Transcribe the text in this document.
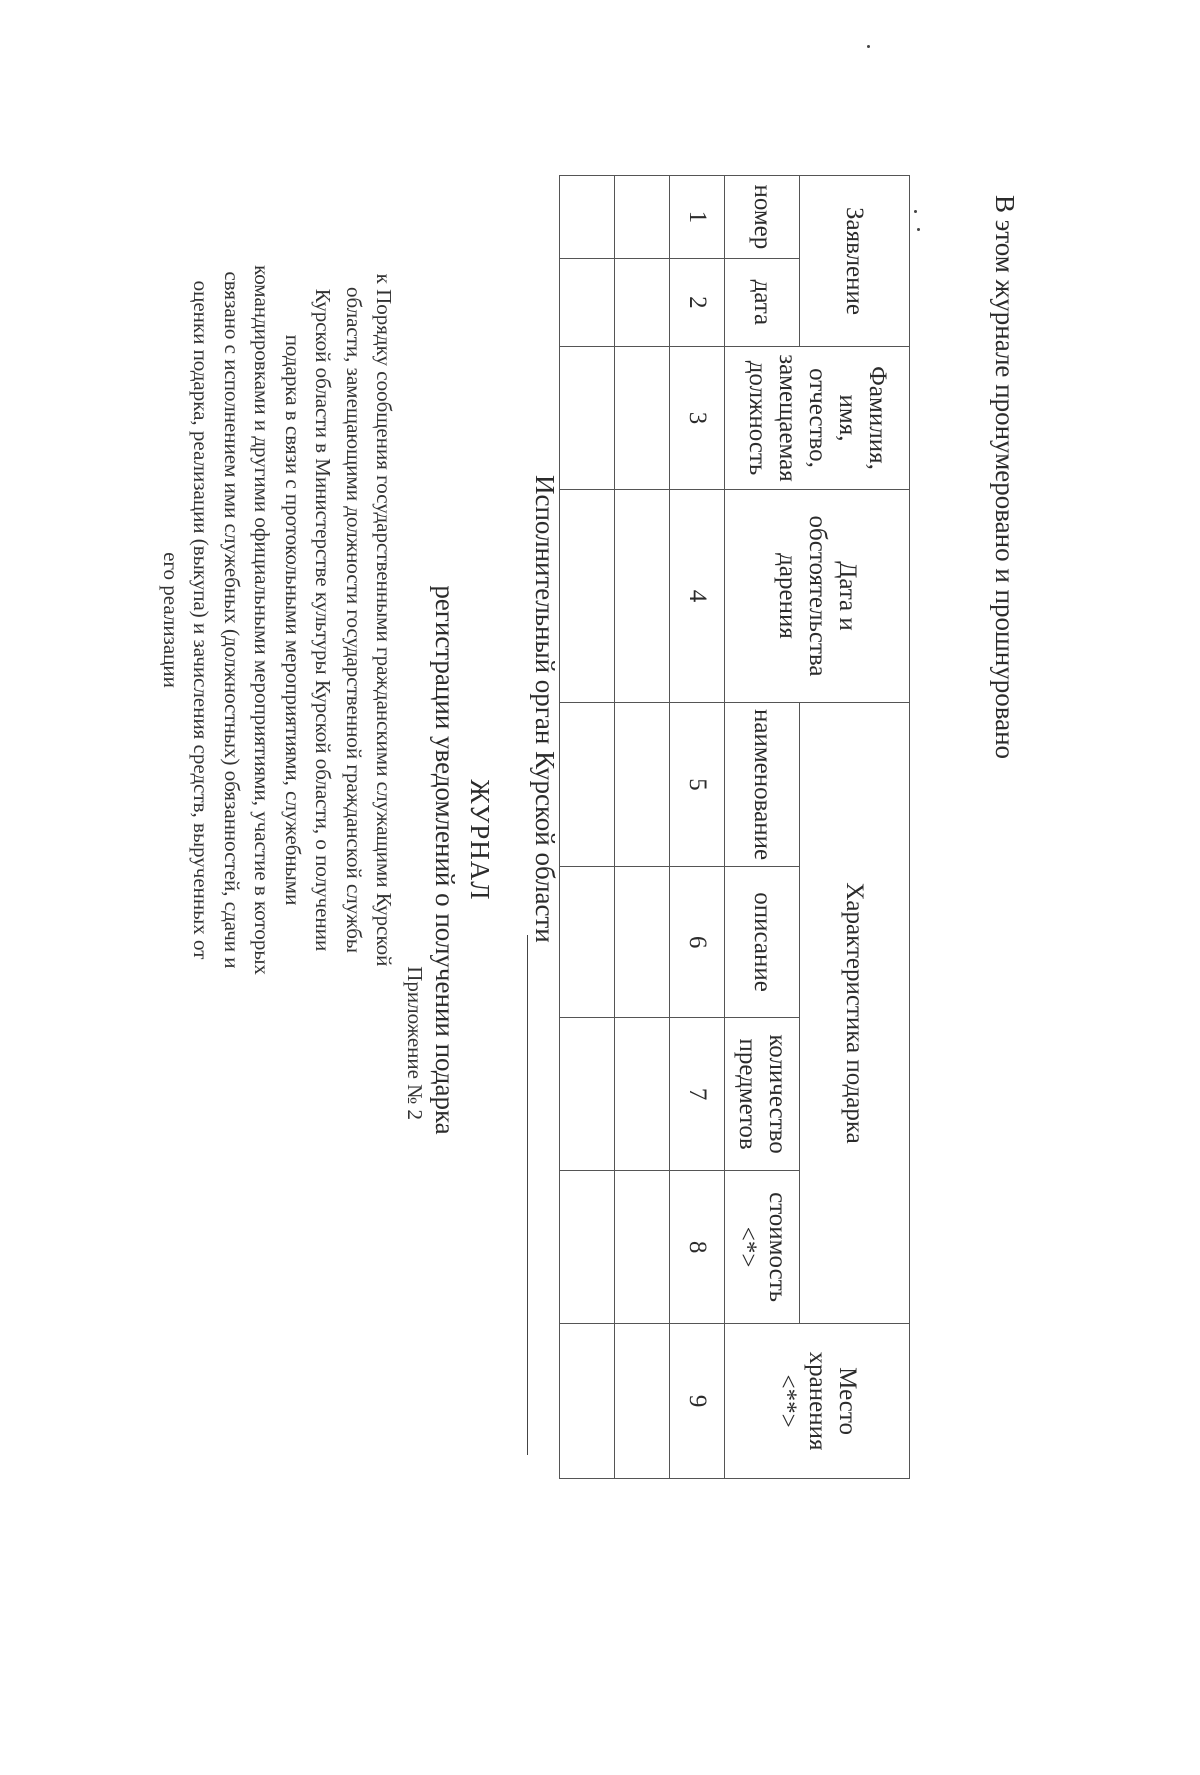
Приложение № 2
к Порядку сообщения государственными гражданскими служащими Курской
области, замещающими должности государственной гражданской службы
Курской области в Министерстве культуры Курской области, о получении
подарка в связи с протокольными мероприятиями, служебными
командировками и другими официальными мероприятиями, участие в которых
связано с исполнением ими служебных (должностных) обязанностей, сдачи и
оценки подарка, реализации (выкупа) и зачисления средств, вырученных от
его реализации
ЖУРНАЛ
регистрации уведомлений о получении подарка	Исполнительный орган Курской области
Заявление		Фамилия, имя, отчество, замещаемая должность	Дата и обстоятельства дарения	Характеристика подарка				Место хранения <**>
номер	дата			наименование	описание	количество предметов	стоимость <*>	
1	2	3	4	5	6	7	8	9

В этом журнале пронумеровано и прошнуровано
